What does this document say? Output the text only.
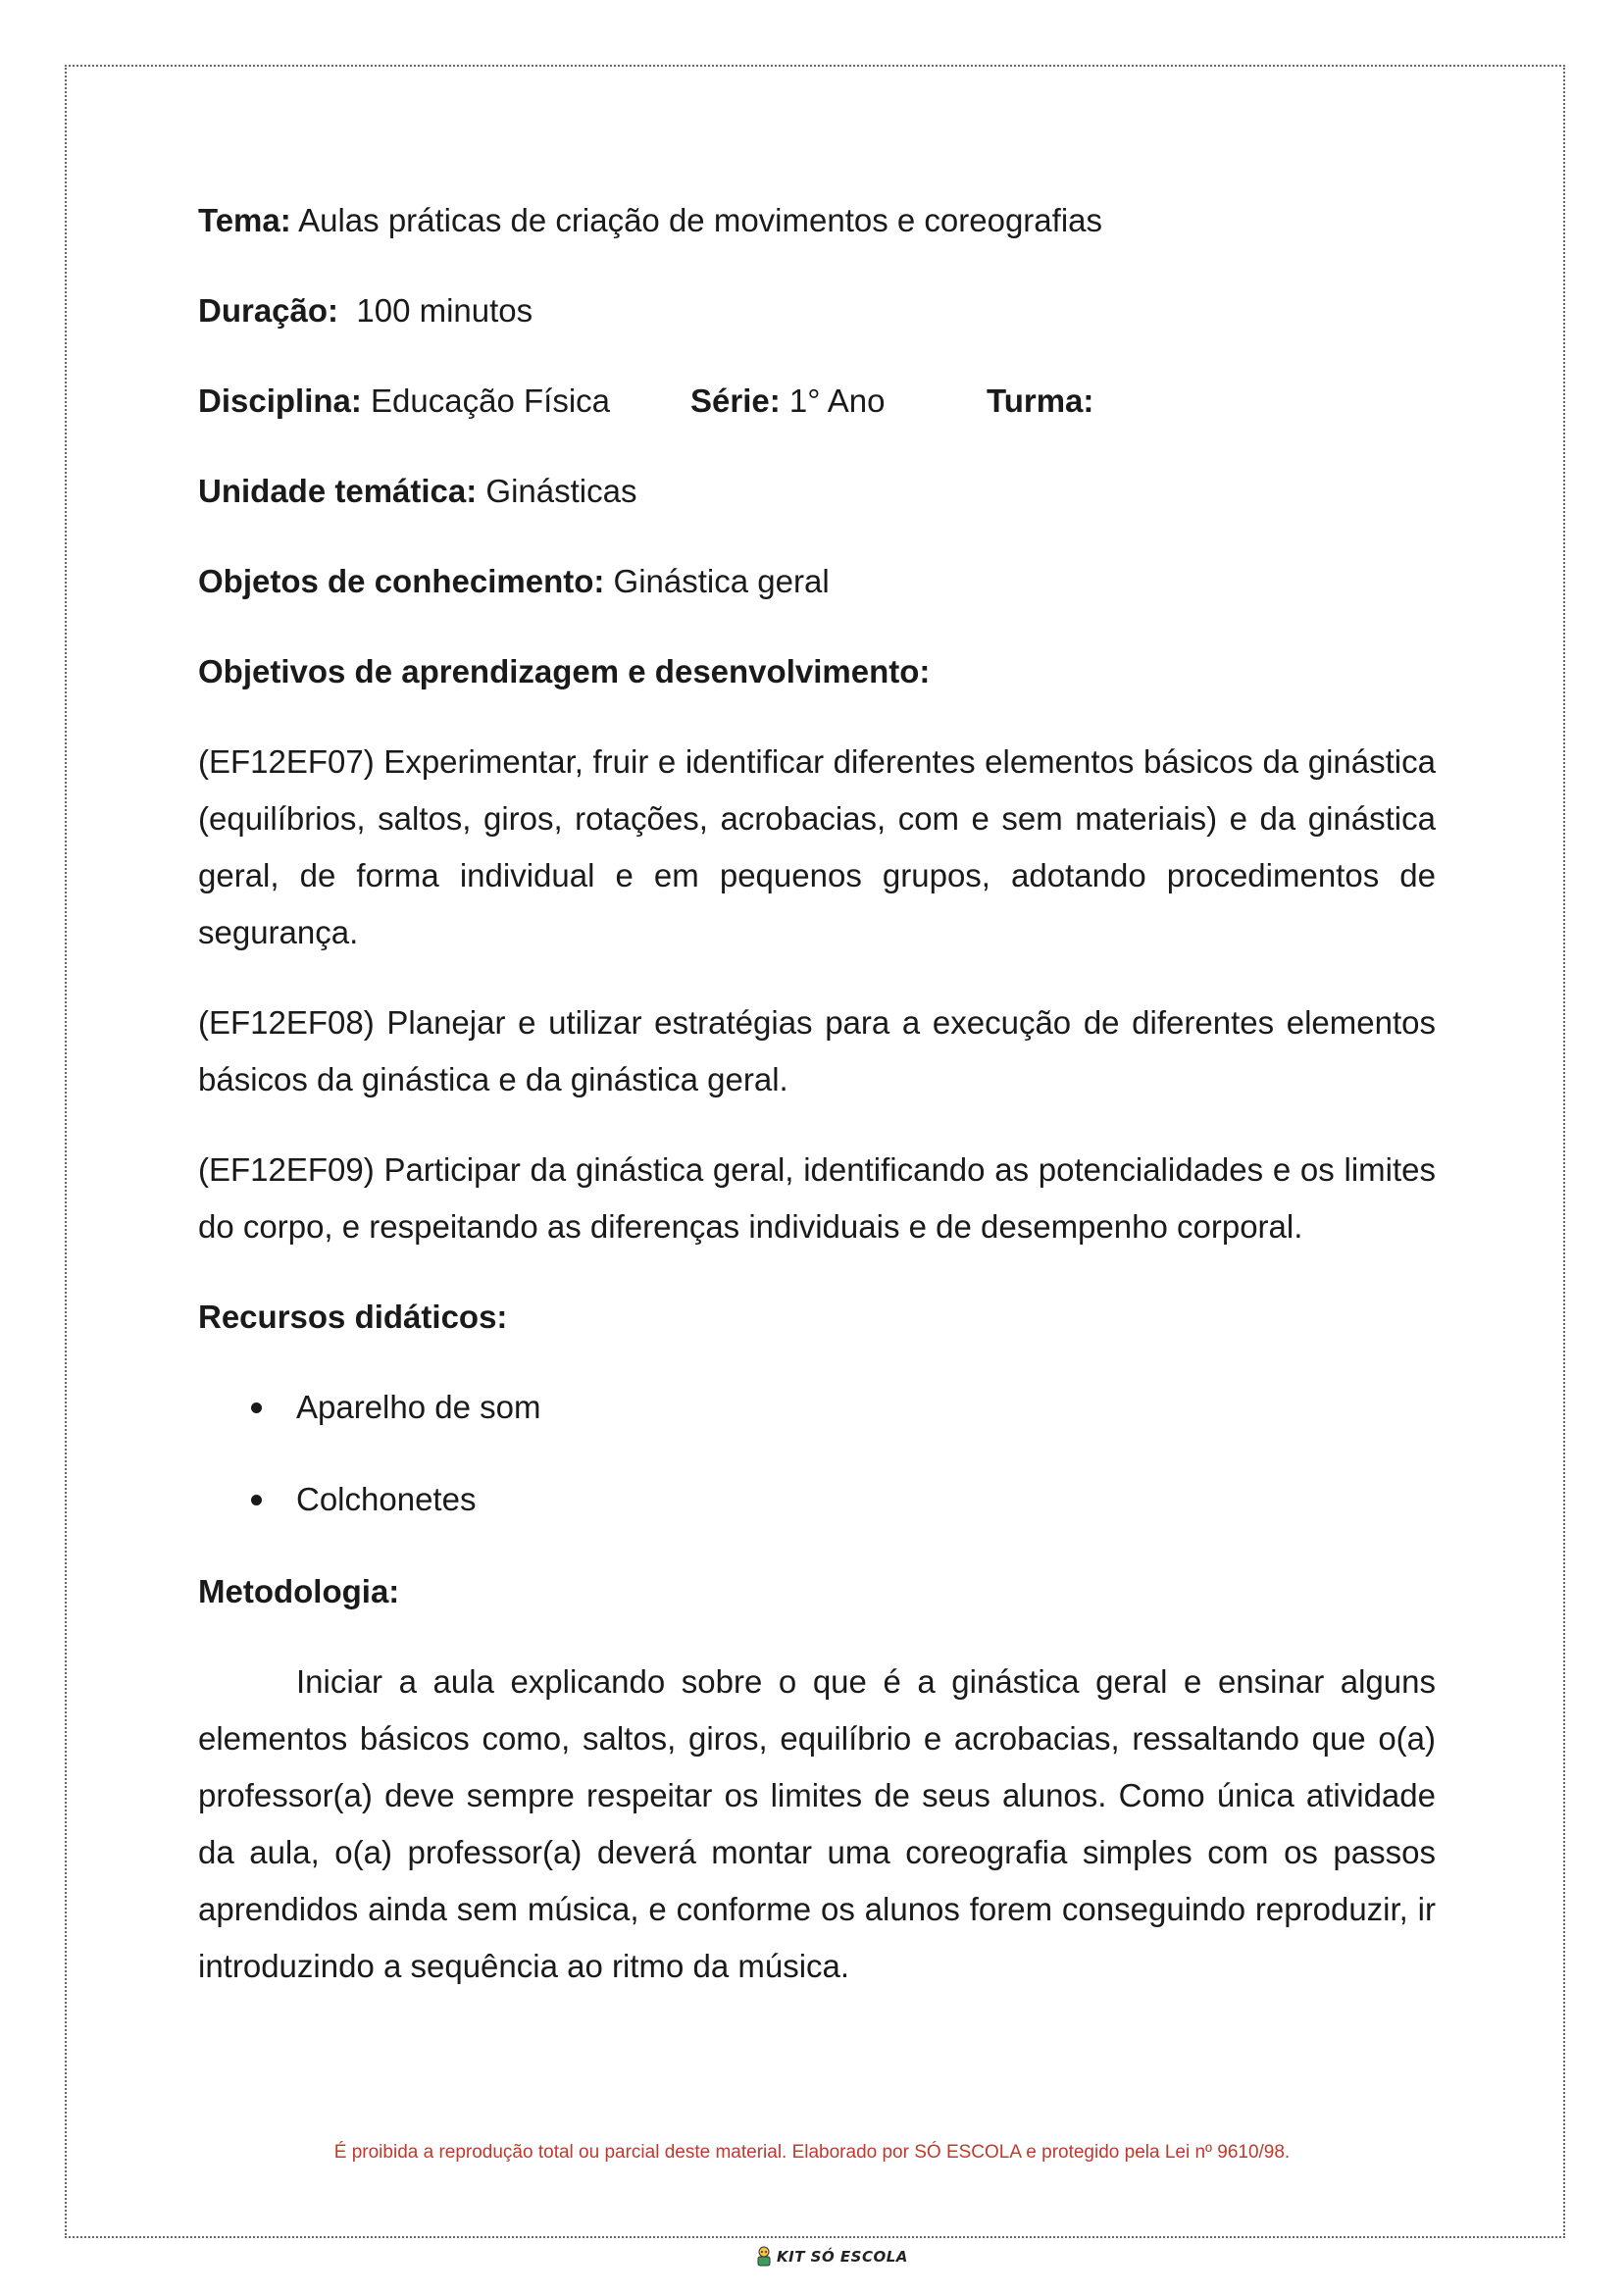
Tema: Aulas práticas de criação de movimentos e coreografias

Duração:  100 minutos

Disciplina: Educação Física	Série: 1° Ano	Turma:

Unidade temática: Ginásticas

Objetos de conhecimento: Ginástica geral

Objetivos de aprendizagem e desenvolvimento:

(EF12EF07) Experimentar, fruir e identificar diferentes elementos básicos da ginástica (equilíbrios, saltos, giros, rotações, acrobacias, com e sem materiais) e da ginástica geral, de forma individual e em pequenos grupos, adotando procedimentos de segurança.

(EF12EF08) Planejar e utilizar estratégias para a execução de diferentes elementos básicos da ginástica e da ginástica geral.

(EF12EF09) Participar da ginástica geral, identificando as potencialidades e os limites do corpo, e respeitando as diferenças individuais e de desempenho corporal.

Recursos didáticos:

Aparelho de som
Colchonetes

Metodologia:

Iniciar a aula explicando sobre o que é a ginástica geral e ensinar alguns elementos básicos como, saltos, giros, equilíbrio e acrobacias, ressaltando que o(a) professor(a) deve sempre respeitar os limites de seus alunos. Como única atividade da aula, o(a) professor(a) deverá montar uma coreografia simples com os passos aprendidos ainda sem música, e conforme os alunos forem conseguindo reproduzir, ir introduzindo a sequência ao ritmo da música.

É proibida a reprodução total ou parcial deste material. Elaborado por SÓ ESCOLA e protegido pela Lei nº 9610/98.
KIT SÓ ESCOLA
